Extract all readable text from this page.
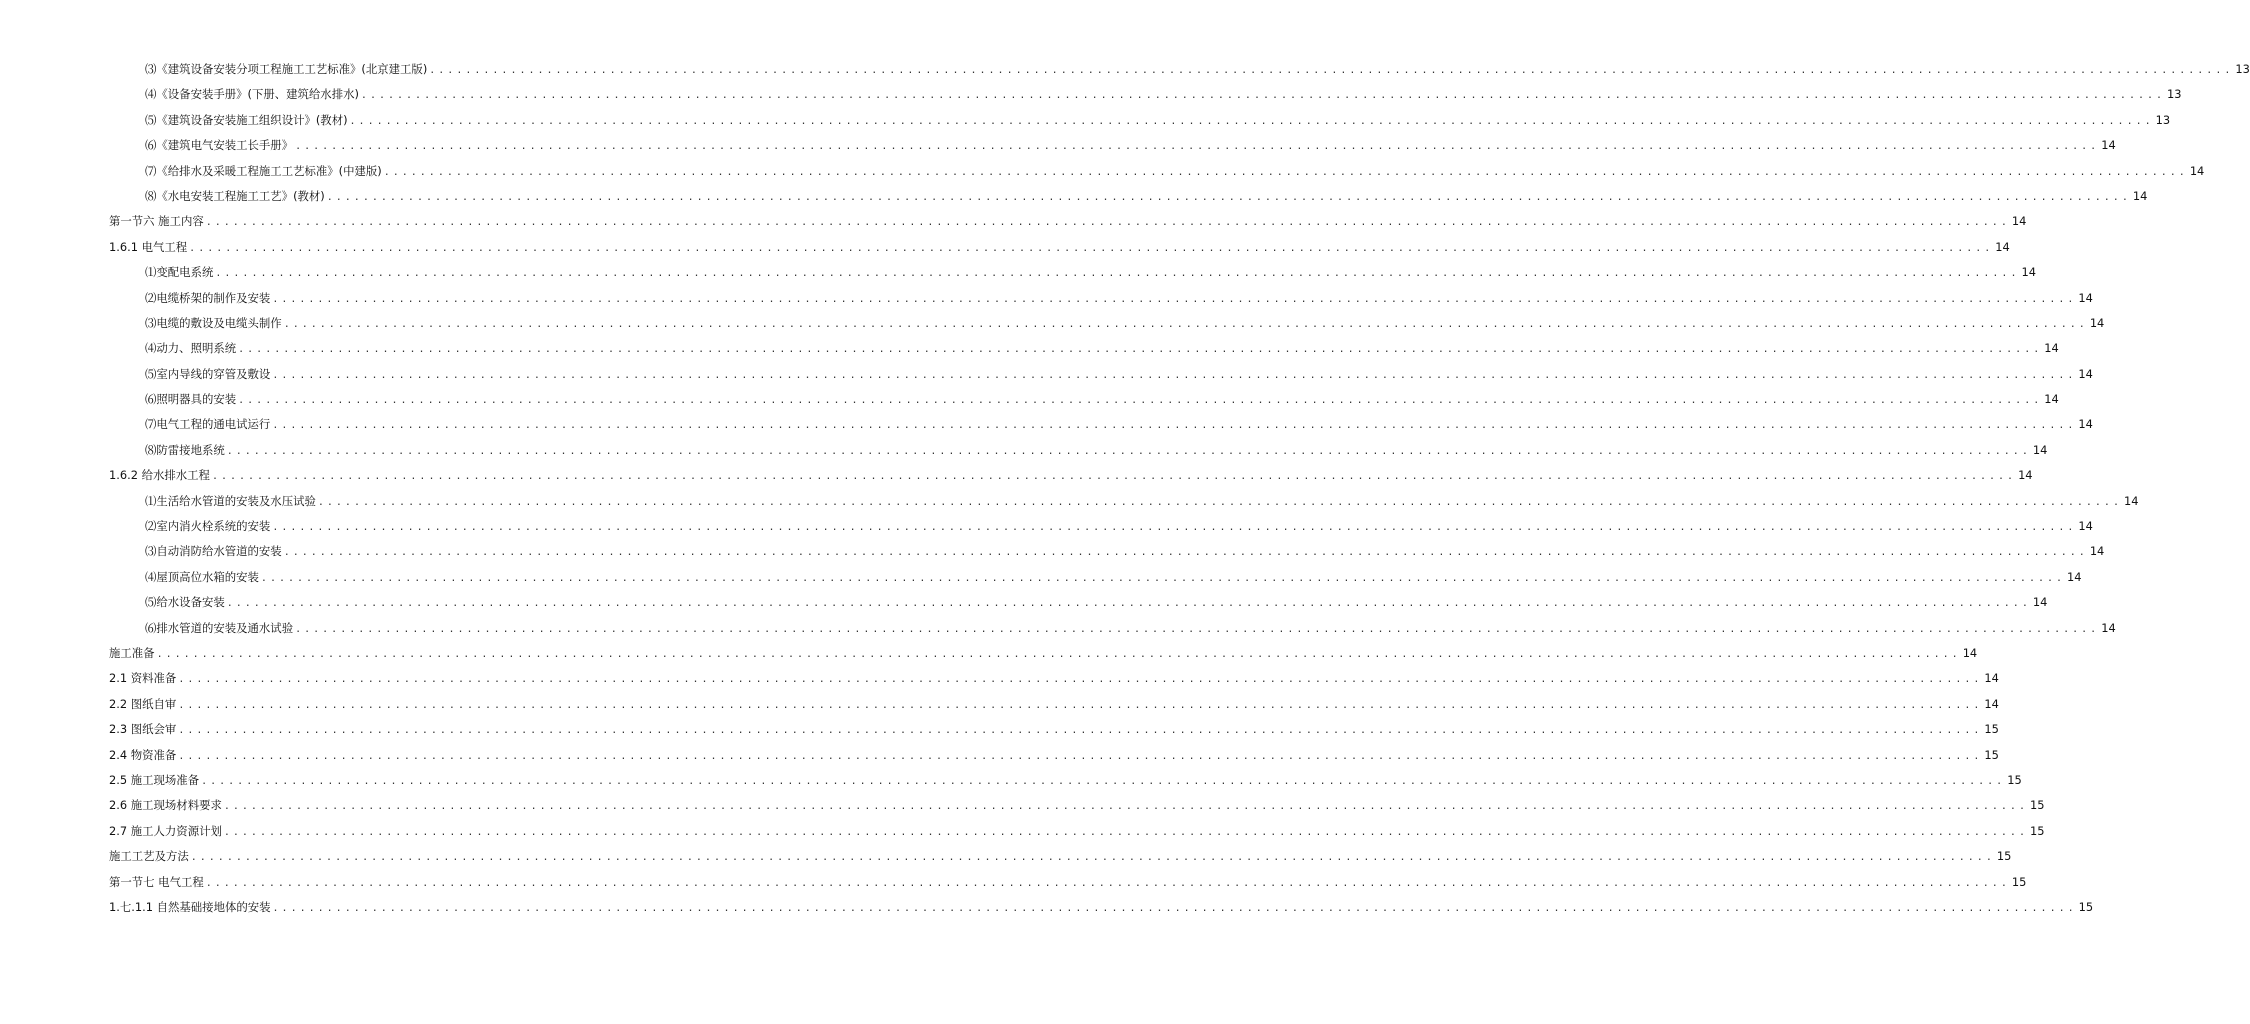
⑶《建筑设备安装分项工程施工工艺标准》(北京建工版) ........................................................................................................................................................................................................ 13
⑷《设备安装手册》(下册、建筑给水排水) ........................................................................................................................................................................................................ 13
⑸《建筑设备安装施工组织设计》(教材) ........................................................................................................................................................................................................ 13
⑹《建筑电气安装工长手册》 ........................................................................................................................................................................................................ 14
⑺《给排水及采暖工程施工工艺标准》(中建版) ........................................................................................................................................................................................................ 14
⑻《水电安装工程施工工艺》(教材) ........................................................................................................................................................................................................ 14
第一节六 施工内容 ........................................................................................................................................................................................................ 14
1.6.1 电气工程 ........................................................................................................................................................................................................ 14
⑴变配电系统 ........................................................................................................................................................................................................ 14
⑵电缆桥架的制作及安装 ........................................................................................................................................................................................................ 14
⑶电缆的敷设及电缆头制作 ........................................................................................................................................................................................................ 14
⑷动力、照明系统 ........................................................................................................................................................................................................ 14
⑸室内导线的穿管及敷设 ........................................................................................................................................................................................................ 14
⑹照明器具的安装 ........................................................................................................................................................................................................ 14
⑺电气工程的通电试运行 ........................................................................................................................................................................................................ 14
⑻防雷接地系统 ........................................................................................................................................................................................................ 14
1.6.2 给水排水工程 ........................................................................................................................................................................................................ 14
⑴生活给水管道的安装及水压试验 ........................................................................................................................................................................................................ 14
⑵室内消火栓系统的安装 ........................................................................................................................................................................................................ 14
⑶自动消防给水管道的安装 ........................................................................................................................................................................................................ 14
⑷屋顶高位水箱的安装 ........................................................................................................................................................................................................ 14
⑸给水设备安装 ........................................................................................................................................................................................................ 14
⑹排水管道的安装及通水试验 ........................................................................................................................................................................................................ 14
施工准备 ........................................................................................................................................................................................................ 14
2.1 资料准备 ........................................................................................................................................................................................................ 14
2.2 图纸自审 ........................................................................................................................................................................................................ 14
2.3 图纸会审 ........................................................................................................................................................................................................ 15
2.4 物资准备 ........................................................................................................................................................................................................ 15
2.5 施工现场准备 ........................................................................................................................................................................................................ 15
2.6 施工现场材料要求 ........................................................................................................................................................................................................ 15
2.7 施工人力资源计划 ........................................................................................................................................................................................................ 15
施工工艺及方法 ........................................................................................................................................................................................................ 15
第一节七 电气工程 ........................................................................................................................................................................................................ 15
1.七.1.1 自然基础接地体的安装 ........................................................................................................................................................................................................ 15
